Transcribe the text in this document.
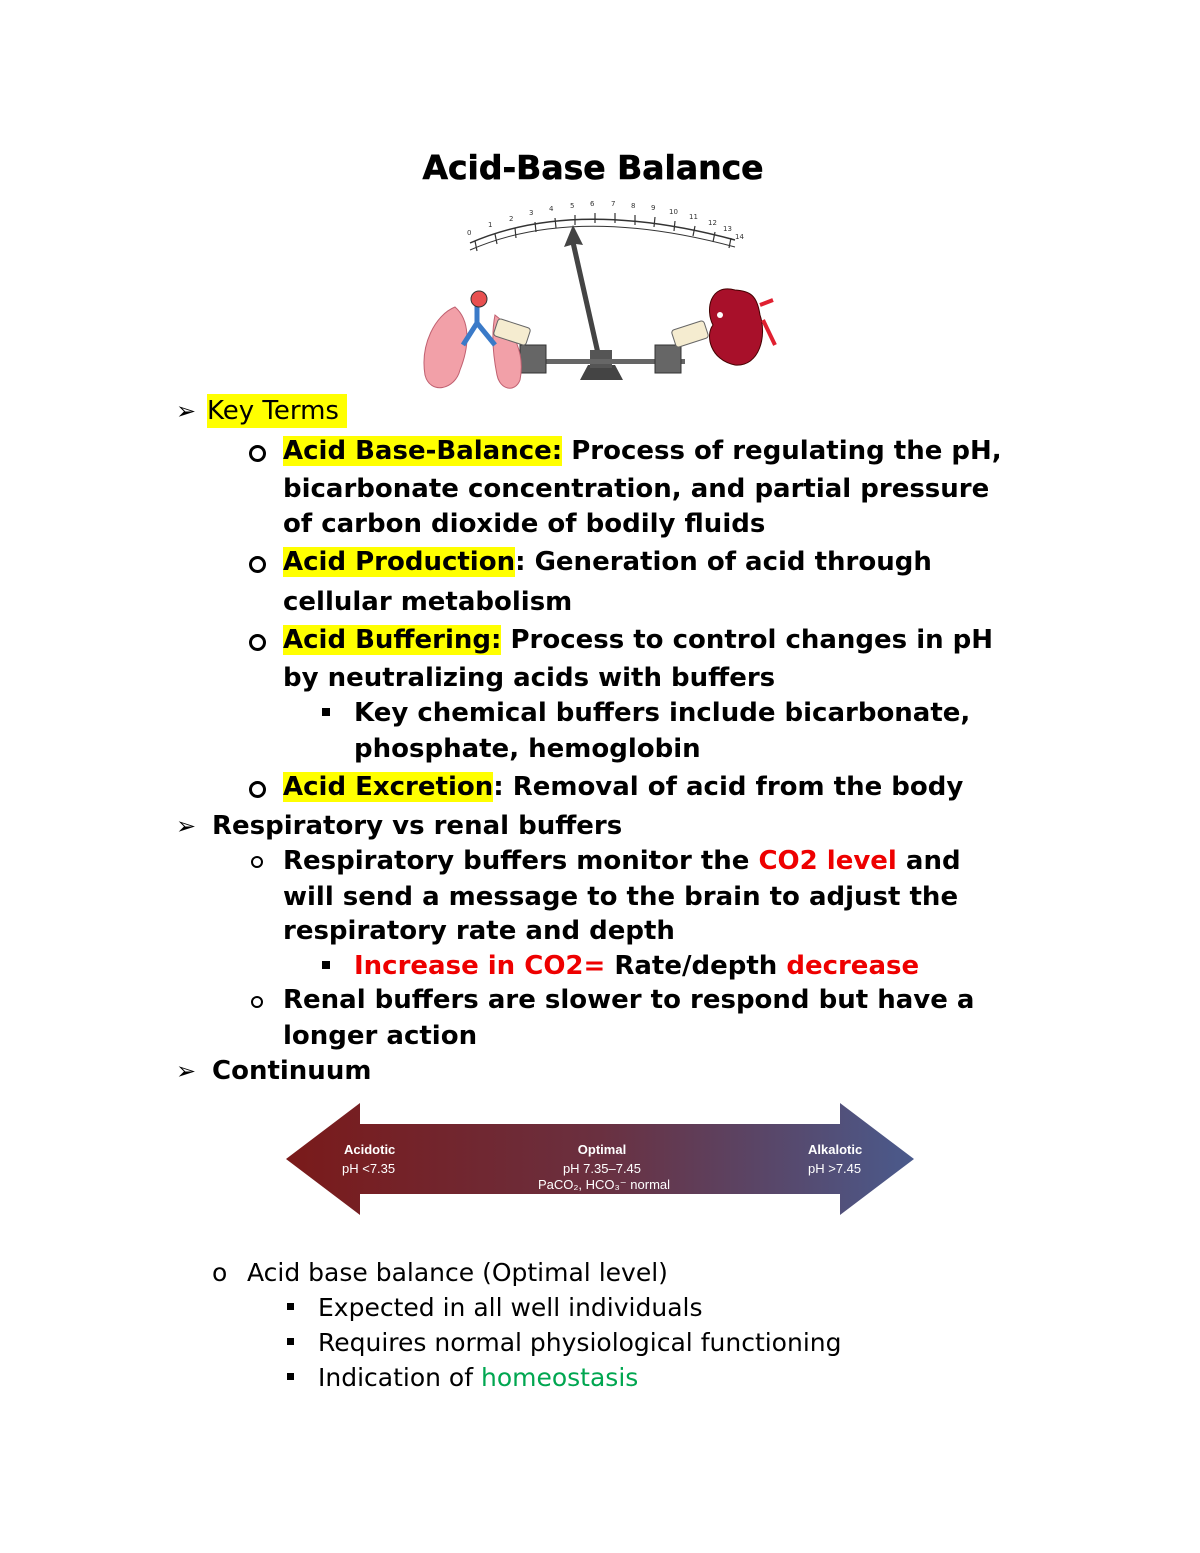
Acid-Base Balance
0
1
2
3 4 5 6 7 8 9 10
11
12
13
14
➢ Key Terms
Acid Base-Balance: Process of regulating the pH,
bicarbonate concentration, and partial pressure
of carbon dioxide of bodily fluids
Acid Production: Generation of acid through
cellular metabolism
Acid Buffering: Process to control changes in pH
by neutralizing acids with buffers
Key chemical buffers include bicarbonate,
phosphate, hemoglobin
Acid Excretion: Removal of acid from the body
➢ Respiratory vs renal buffers
Respiratory buffers monitor the CO2 level and
will send a message to the brain to adjust the
respiratory rate and depth
Increase in CO2= Rate/depth decrease
Renal buffers are slower to respond but have a
longer action
➢ Continuum
Acidotic
pH <7.35
Optimal
pH 7.35–7.45
PaCO₂, HCO₃⁻ normal
Alkalotic
pH >7.45
o Acid base balance (Optimal level)
Expected in all well individuals
Requires normal physiological functioning
Indication of homeostasis
